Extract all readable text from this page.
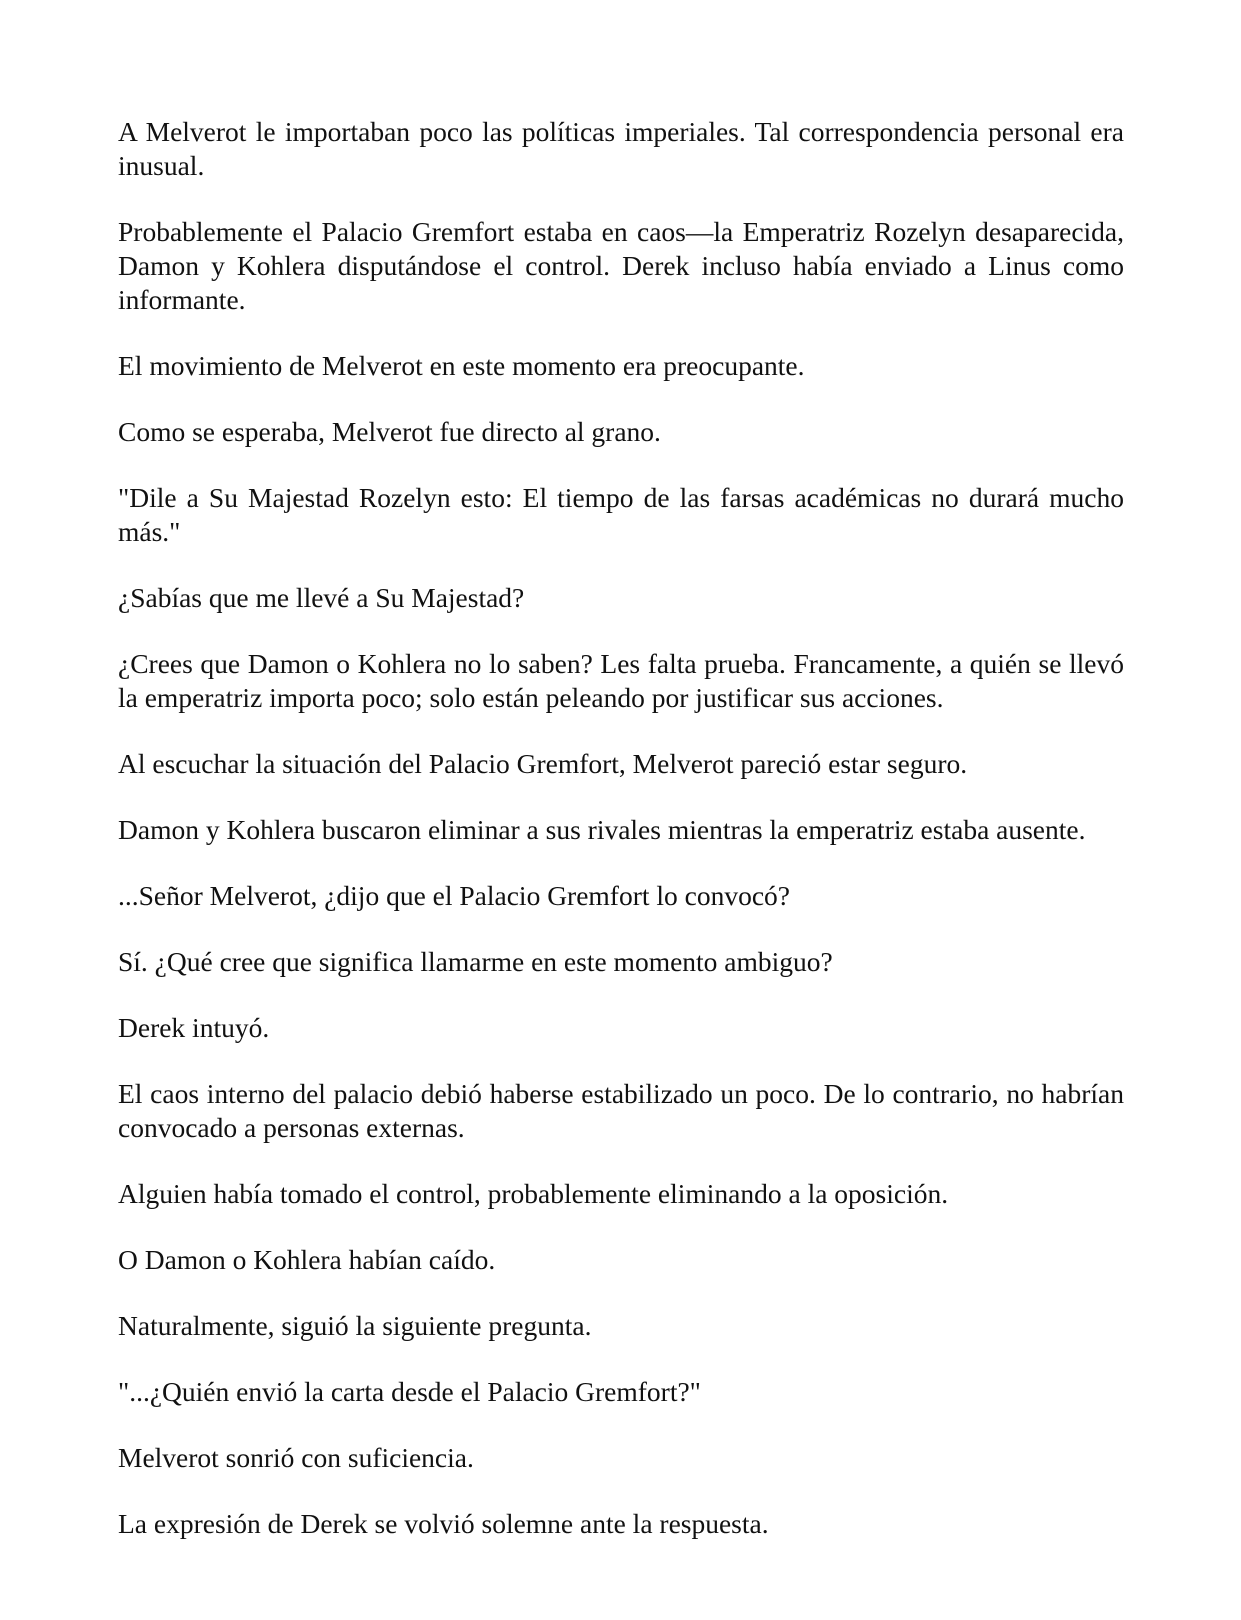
A Melverot le importaban poco las políticas imperiales. Tal correspondencia personal era inusual.

Probablemente el Palacio Gremfort estaba en caos—la Emperatriz Rozelyn desaparecida, Damon y Kohlera disputándose el control. Derek incluso había enviado a Linus como informante.

El movimiento de Melverot en este momento era preocupante.

Como se esperaba, Melverot fue directo al grano.

"Dile a Su Majestad Rozelyn esto: El tiempo de las farsas académicas no durará mucho más."

¿Sabías que me llevé a Su Majestad?

¿Crees que Damon o Kohlera no lo saben? Les falta prueba. Francamente, a quién se llevó la emperatriz importa poco; solo están peleando por justificar sus acciones.

Al escuchar la situación del Palacio Gremfort, Melverot pareció estar seguro.

Damon y Kohlera buscaron eliminar a sus rivales mientras la emperatriz estaba ausente.

...Señor Melverot, ¿dijo que el Palacio Gremfort lo convocó?

Sí. ¿Qué cree que significa llamarme en este momento ambiguo?

Derek intuyó.

El caos interno del palacio debió haberse estabilizado un poco. De lo contrario, no habrían convocado a personas externas.

Alguien había tomado el control, probablemente eliminando a la oposición.

O Damon o Kohlera habían caído.

Naturalmente, siguió la siguiente pregunta.

"...¿Quién envió la carta desde el Palacio Gremfort?"

Melverot sonrió con suficiencia.

La expresión de Derek se volvió solemne ante la respuesta.
